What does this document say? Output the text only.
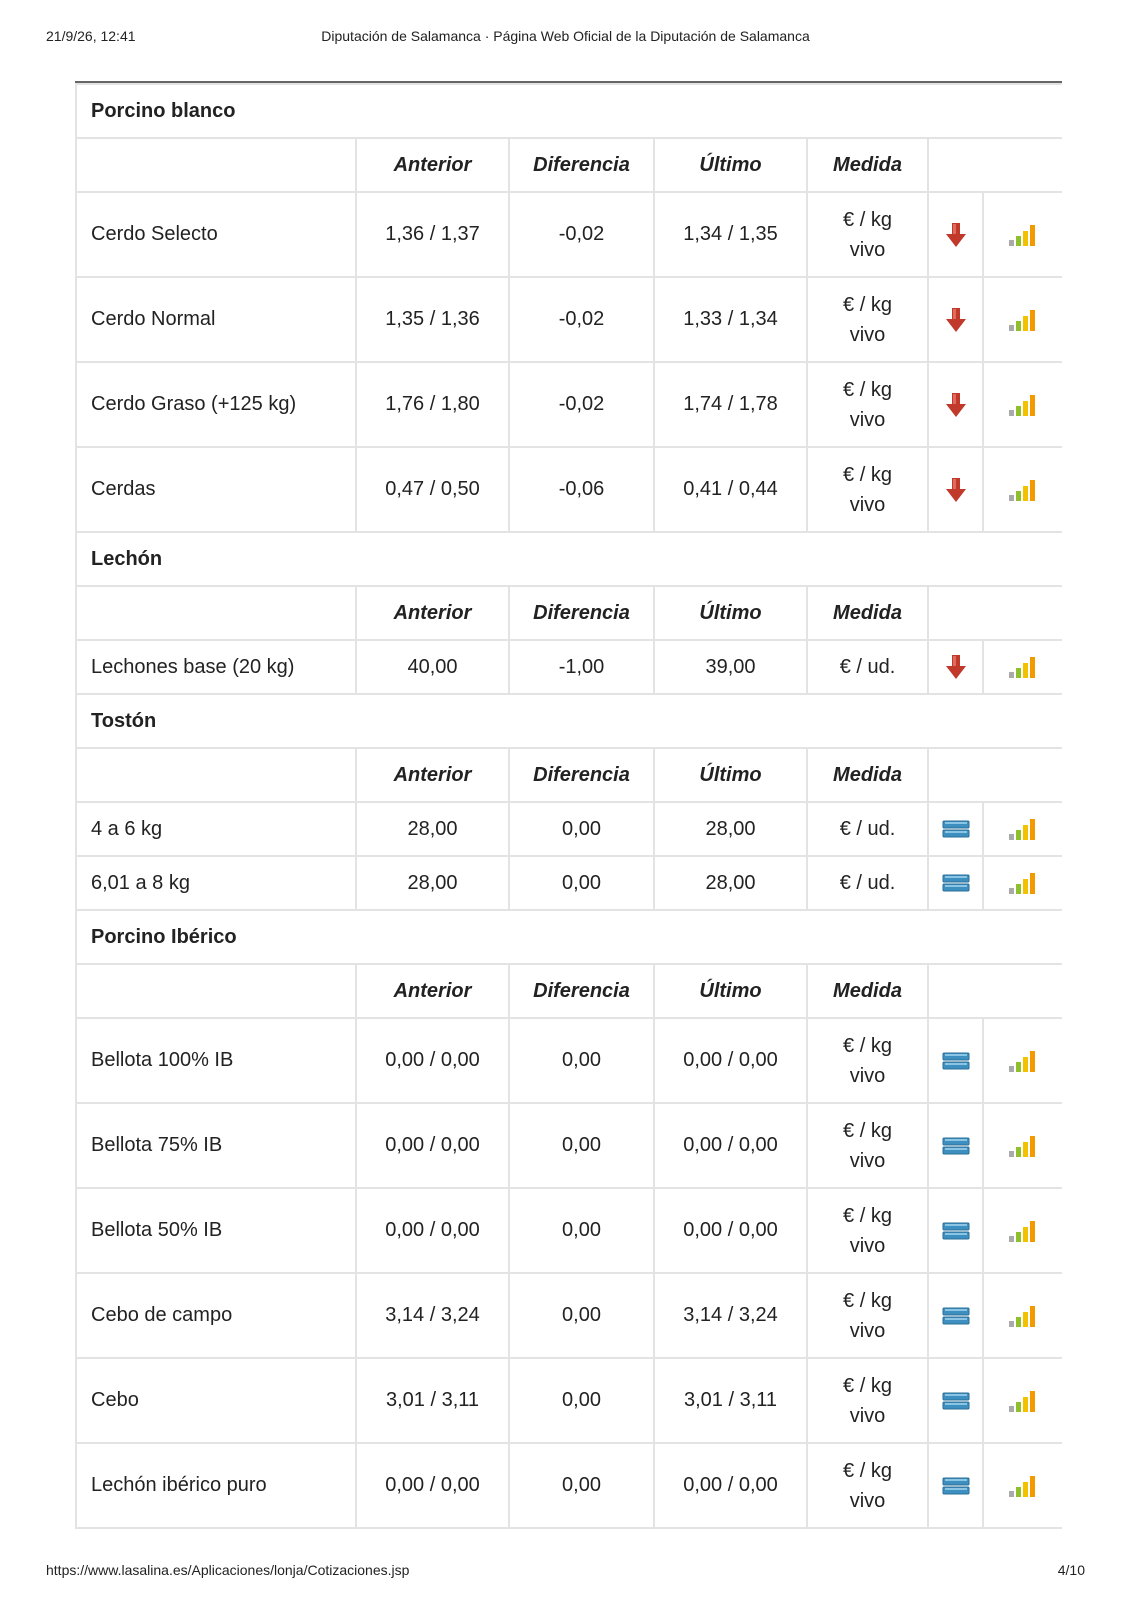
21/9/26, 12:41	Diputación de Salamanca · Página Web Oficial de la Diputación de Salamanca
Porcino blanco						
	Anterior	Diferencia	Último	Medida		
Cerdo Selecto	1,36 / 1,37	-0,02	1,34 / 1,35	€ / kg
vivo

Cerdo Normal	1,35 / 1,36	-0,02	1,33 / 1,34	€ / kg
vivo

Cerdo Graso (+125 kg)	1,76 / 1,80	-0,02	1,74 / 1,78	€ / kg
vivo

Cerdas	0,47 / 0,50	-0,06	0,41 / 0,44	€ / kg
vivo

Lechón						
	Anterior	Diferencia	Último	Medida		
Lechones base (20 kg)	40,00	-1,00	39,00	€ / ud.

Tostón						
	Anterior	Diferencia	Último	Medida		
4 a 6 kg	28,00	0,00	28,00	€ / ud.

6,01 a 8 kg	28,00	0,00	28,00	€ / ud.

Porcino Ibérico						
	Anterior	Diferencia	Último	Medida		
Bellota 100% IB	0,00 / 0,00	0,00	0,00 / 0,00	€ / kg
vivo

Bellota 75% IB	0,00 / 0,00	0,00	0,00 / 0,00	€ / kg
vivo

Bellota 50% IB	0,00 / 0,00	0,00	0,00 / 0,00	€ / kg
vivo

Cebo de campo	3,14 / 3,24	0,00	3,14 / 3,24	€ / kg
vivo

Cebo	3,01 / 3,11	0,00	3,01 / 3,11	€ / kg
vivo

Lechón ibérico puro	0,00 / 0,00	0,00	0,00 / 0,00	€ / kg
vivo

https://www.lasalina.es/Aplicaciones/lonja/Cotizaciones.jsp	4/10
